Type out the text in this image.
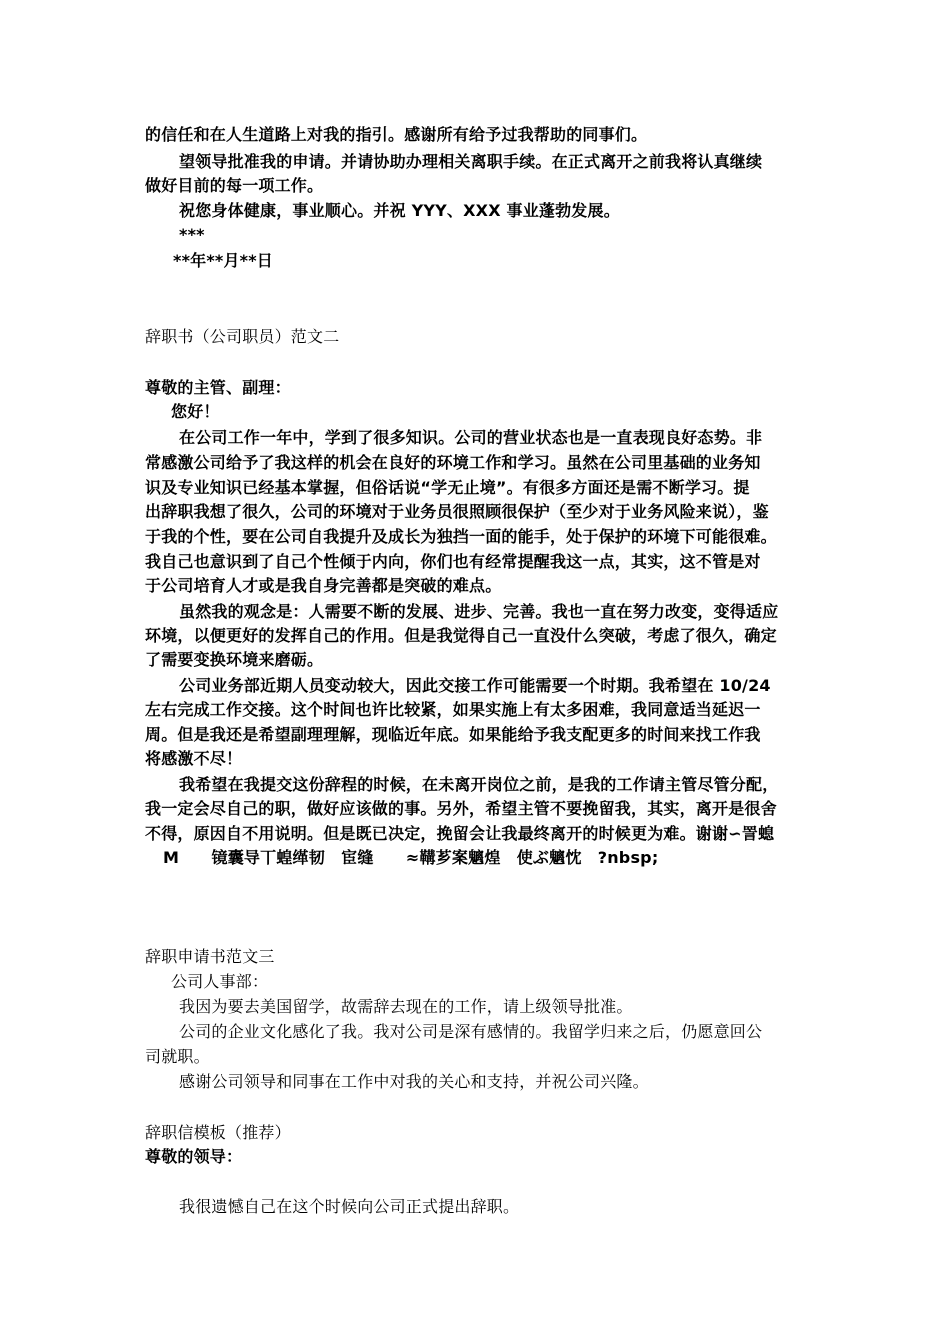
的信任和在人生道路上对我的指引。感谢所有给予过我帮助的同事们。
望领导批准我的申请。并请协助办理相关离职手续。在正式离开之前我将认真继续
做好目前的每一项工作。
祝您身体健康，事业顺心。并祝 YYY、XXX 事业蓬勃发展。
***
**年**月**日
辞职书（公司职员）范文二
尊敬的主管、副理：
您好！
在公司工作一年中，学到了很多知识。公司的营业状态也是一直表现良好态势。非
常感激公司给予了我这样的机会在良好的环境工作和学习。虽然在公司里基础的业务知
识及专业知识已经基本掌握，但俗话说“学无止境”。有很多方面还是需不断学习。提
出辞职我想了很久，公司的环境对于业务员很照顾很保护（至少对于业务风险来说），鉴
于我的个性，要在公司自我提升及成长为独挡一面的能手，处于保护的环境下可能很难。
我自己也意识到了自己个性倾于内向，你们也有经常提醒我这一点，其实，这不管是对
于公司培育人才或是我自身完善都是突破的难点。
虽然我的观念是：人需要不断的发展、进步、完善。我也一直在努力改变，变得适应
环境，以便更好的发挥自己的作用。但是我觉得自己一直没什么突破，考虑了很久，确定
了需要变换环境来磨砺。
公司业务部近期人员变动较大，因此交接工作可能需要一个时期。我希望在 10/24
左右完成工作交接。这个时间也许比较紧，如果实施上有太多困难，我同意适当延迟一
周。但是我还是希望副理理解，现临近年底。如果能给予我支配更多的时间来找工作我
将感激不尽！
我希望在我提交这份辞程的时候，在未离开岗位之前，是我的工作请主管尽管分配，
我一定会尽自己的职，做好应该做的事。另外，希望主管不要挽留我，其实，离开是很舍
不得，原因自不用说明。但是既已决定，挽留会让我最终离开的时候更为难。谢谢∽詈螅
M　　镜囊导丅蝗缂韧　宦缝　　≈鞲芗案魑煌　使ぶ魑忱　?nbsp;
辞职申请书范文三
公司人事部：
我因为要去美国留学，故需辞去现在的工作，请上级领导批准。
公司的企业文化感化了我。我对公司是深有感情的。我留学归来之后，仍愿意回公
司就职。
感谢公司领导和同事在工作中对我的关心和支持，并祝公司兴隆。
辞职信模板（推荐）
尊敬的领导：
我很遗憾自己在这个时候向公司正式提出辞职。
